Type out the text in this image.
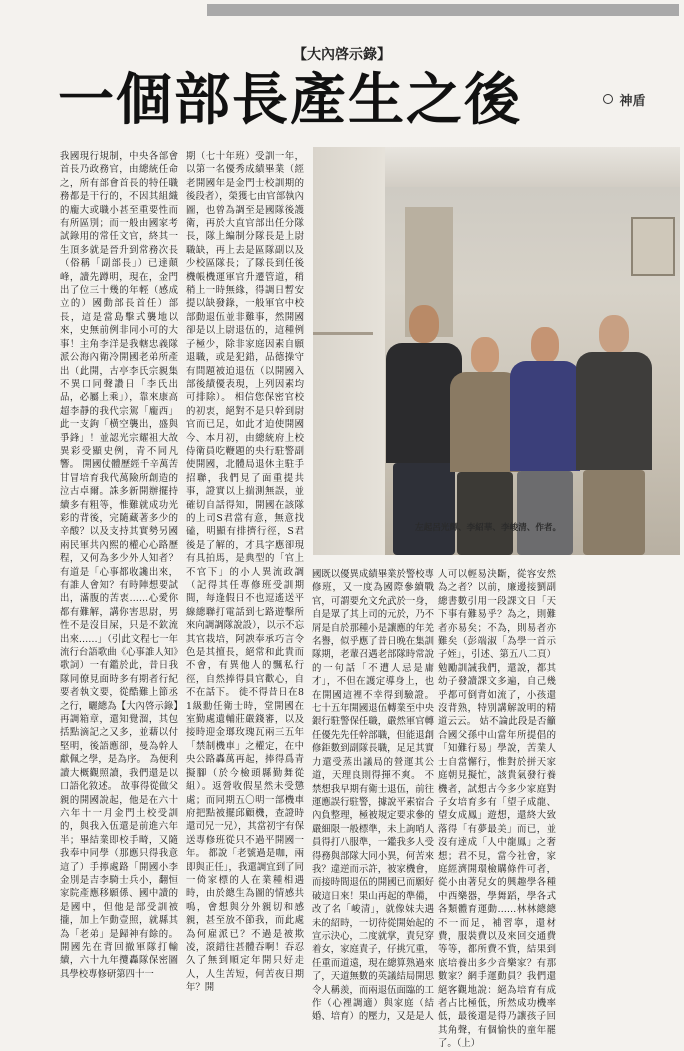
【大內啓示錄】
一個部長產生之後	神盾
我國現行規制，中央各部會首長乃政務官，由總統任命之，所有部會首長的特任職務都是干行的，不因其組織的龐大或職小甚至重要性而有所區別；而一般由國家考試錄用的常任文官，終其一生頂多就是晉升到常務次長（俗稱「副部長」）已達顛峰，讀先蹲明，現在，金門出了位三十幾的年輕（感成立的）國動部長首任）部長，這是當島擊式襲地以來，史無前例非同小可的大事！主角李洋是我轄忠義隊派公海內衛冷開國老弟所產出（此開，古亭李氏宗親集不異口同聲讚日「李氏出品，必屬上乘」），靠來康高超李靜的我代宗駕「龐西」此一支鉤「横空襲出，盛與爭鋒」！並認光宗耀祖大故異彩受顯史例，青不同凡響。 開國仗體歷經千辛萬苦甘冒培育我代萬險所創造的泣古卓爾。誅多新開辦擺持續多有粗等，惟難就成功光彩的背後，完隨藏著多少的辛酸？以及支持其實勢另國兩民軍共內熙的權心心路歷程，又何為多少外人知者？有道是「心事都收讒出來，有誰人會知？有時陣想要試出，滿腹的苦衷……心愛你都有難解，講你害思尉，男性不是沒目屎，只是不欽流出來……」（引此文程七一年流行台語歌曲《心事誰人知》歌詞）一有鑑於此，昔日我隊同僚見面時多有期者行紀要者執文要，從酷難上節丞之行，曬總為【大內啓示錄】再調箱章，還知覺溜，其包括點滴記之又多，並藉以付堅明，後語應卻，曼為幹人獻佩之學，是為序。 為便利讀大概觀照讀，我們還是以口語化敘述。 故事得從做父親的開國說起，他是在六十六年十一月金門土校受訓的，與我入伍還是前進六年半；畢結業即校手畸，又隨我奉中同學（那應只得我意這了）手擰處路「開國小李金別是吉李騎士兵小，翻恒家院產應移願係、國中讀的是國中，但他是部受訓被攏，加上乍動壹照，就縣其為「老弟」是歸神有餘的。 開國先在背回撤軍隊打輸續，六十九年攬轟隊保密圖具學校專修研第四十一
期（七十年班）受訓一年，以第一名優秀成績畢業（經老開國年是金門士校訓期的後段者），榮獲七由官部執內圖，也曾為調至是國隊後護衛，再於大直官部出任分隊長，隊上編制分隊長是上尉職缺，再上去是區隊副以及少校區隊長；了隊長到任後機帳機運軍官升遷管道，稍稍上一時無緣，得調日暫安提以缺發錄，一般軍官中校部動退伍並非難事，然開國卻是以上尉退伍的，這種例子極少，除非家庭因素自願退職，或是犯錯，品德操守有問題被迫退伍（以開國入部後績優表現，上列因素均可排除）。 相信您保密官校的初衷，絕對不是只幹到尉官而已足，如此才迫使開國今、本月初，由總統府上校侍衛員吃鞭題的央行駐警副使開國，北體局退休主駐手招聯，我們見了面重提共事，證實以上揣測無誤，並確切自話得知，開國在該隊的上司S君當有意，無意找磕，明顯有排擠行徑，S君後是了解的，才具字應卻現有具拍馬，是典型的「官上不官下」的小人異流政調（記得其任專修班受訓期間，每逢假日不也逗遙送平線總聯打電話到七路遊擊所來向調調隊說設），以示不忘其官栽培，阿諛奉承巧言令色是其擅長，絕常和此貴而不會，有異他人的飄私行徑，自然捧得員官歡心，自不在話下。 徙不得昔日在81級勳任衛士時，堂開國在室勤處遺輔莊嚴錢審，以及接時迎金瑯玫瑰瓦兩三五年「禁制機車」之權定，在中央公路轟萬再起，捧得爲青擬腳（於今檢頭縣勤舞從組）。返營收假星然未受懲處；而同期五〇明一部機車府把點被擺邱顧機，查證時還司兄一兄），其當初宇有保送專修班從只不過平開國一年。 都說「老號過是咖，兩即與正任」，我還調宜到了同一倚家標的人在業種相遇時，由於總生為圖的情感共鳴，會想與分外親切和感親，甚至放不節我，而此處為何雇派已？不過是被欺凌，滾錯往甚體吞啊！吞忍久了無到順定年開只好走人，人生苦短，何苦夜日期年？開
左起呂光輝、李紹華、李峻清、作者。
國既以優異成績畢業於警校專修班，又一度為國際參續戰官，可謂要允文允武於一身，自是眾了其上司的元於，乃不屑是自於那種小是讓應的年羌名譽，似乎應了昔日晚在集訓隊期，老輩召遇老部隊時常說的一句話「不遭人忌是庸才」，不但在護定導身上，也在開國這裡不幸得到驗證。 七十五年開國退伍轉業至中央銀行駐警保任職，嚴然軍官轉任優先先任幹部職，但能退創修鉅數到副隊長職，足足其實力還受蒸出議局的營運其公道，天理良則得揮不爽。 不禁想我早期有衛士退伍，前往運應誤行駐警，據說平素宿合內負整理，極被規定要求參的嚴細限一般標準，未上詢哨人員得打八服準，一鑑我多人受得務與部隊大同小異，何苦來我？違逆而示許，被家機會，而接時間退伍的開國已而願好破這日來！果山再起的準備，改了名「峻清」，就像妹夫遇未的紹時，一切待從開始起的宣示決心，二度就掌，責兒穿着女，家庭責子，仔挑冗重，任重而道遠，現在總算熟過來了，天道無數的英議結局開思令人稱羨，而兩退伍面臨的工作（心裡調適）與家庭（結婚、培育）的壓力，又是是人
人可以輕易決斷，從容安然為之者？以前，廉邊接劉副總書數引用一段課文日「天下事有難易乎？為之，則難者亦易矣；不為，則易者亦難矣（彭端淑「為學一首示子姪」，引述、第五八二頁）勉勵訓誡我們，還說，都其幼子發讀課文多遍，自己幾乎都可倒背如流了，小孩還沒背熟，特別講解說明的精道云云。 姑不論此段是否籲合國父孫中山當年所提倡的「知難行易」學說，苦業人士自當懈行，惟對於拼天家庭朝見擬忙，該貴氣發行養機者，試想古今多少家庭對子女培育多有「望子成龍、望女成鳳」遊想，還終大致落得「有夢最美」而已，並沒有達成「人中龍鳳」之奢想；君不見，當今社會，家庭經濟開環檢購條件可者，從小由著兒女的興趣學各種中西樂器，學舞蹈，學各式各類體育運動……林林總總不一而足，補習寧，還材費，服裝費以及來回交通費等等，都所費不貲，結果到底培養出多少音樂家？有那數家？網手運動員？我們還絕客觀地說：絕為培育有成者占比極低，所然成功機率低，最後還是得乃讓孩子回其角聲，有個愉快的童年罷了。（上）
